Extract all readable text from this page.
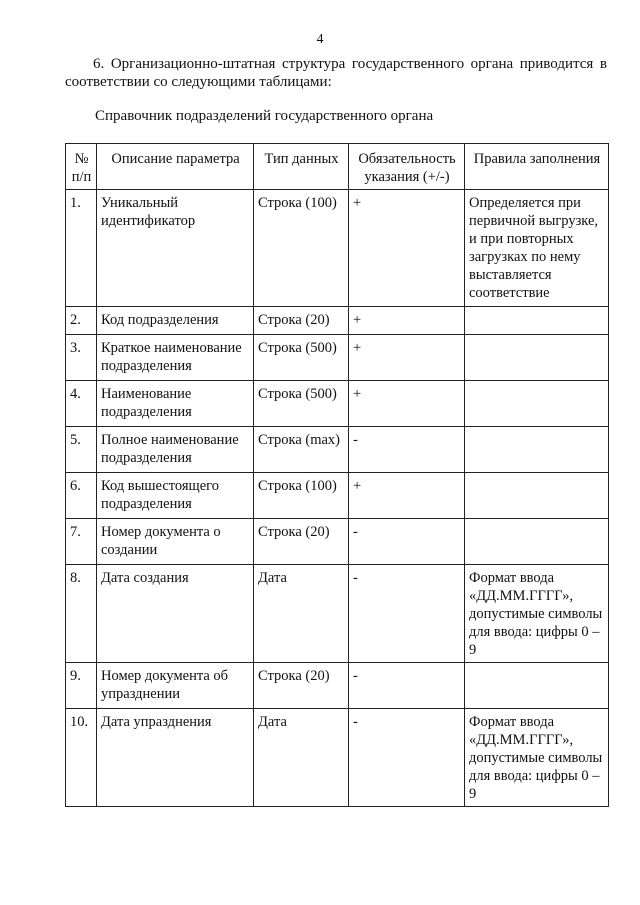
4
6. Организационно-штатная структура государственного органа приводится в соответствии со следующими таблицами:
Справочник подразделений государственного органа
№ п/п	Описание параметра	Тип данных	Обязательность указания (+/-)	Правила заполнения
1.	Уникальный идентификатор	Строка (100)	+	Определяется при первичной выгрузке, и при повторных загрузках по нему выставляется соответствие
2.	Код подразделения	Строка (20)	+	
3.	Краткое наименование подразделения	Строка (500)	+	
4.	Наименование подразделения	Строка (500)	+	
5.	Полное наименование подразделения	Строка (max)	-	
6.	Код вышестоящего подразделения	Строка (100)	+	
7.	Номер документа о создании	Строка (20)	-	
8.	Дата создания	Дата	-	Формат ввода «ДД.ММ.ГГГГ», допустимые символы для ввода: цифры 0 – 9
9.	Номер документа об упразднении	Строка (20)	-	
10.	Дата упразднения	Дата	-	Формат ввода «ДД.ММ.ГГГГ», допустимые символы для ввода: цифры 0 – 9
